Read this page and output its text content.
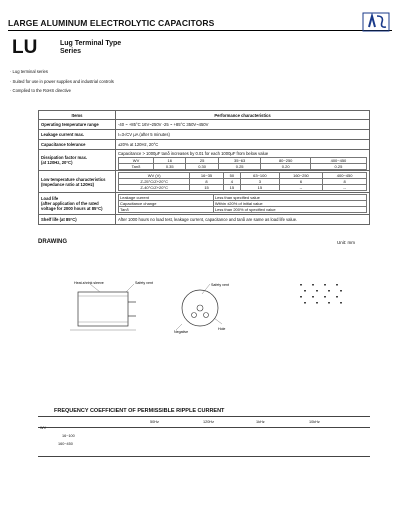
LARGE ALUMINUM ELECTROLYTIC CAPACITORS
LU	Lug Terminal Type
Series
· Lug terminal series
· Suited for use in power supplies and industrial controls
· Complied to the RoHS directive
Items	Performance characteristics
Operating temperature range	-40 ~ +85°C 16V~250V -25 ~ +85°C 350V~450V
Leakage current max.	I=3√CV μA (after 5 minutes)
Capacitance tolerance	±20% at 120Hz, 20°C

Dissipation factor max.
(at 120Hz, 20°C)

Capacitance > 1000μF tanδ increases by 0.01 for each 1000μF from below value
WV	16	25	35~63	80~250	400~450
Tanδ	0.35	0.30	0.25	0.20	0.25

Low temperature characteristics
(Impedance ratio at 120Hz)

WV (V)	16~35	50	63~100	160~250	400~450
Z-25°C/Z+20°C	8	4	3	6	8
Z-40°C/Z+20°C	15	15	15	--	--

Load life
(after application of the rated
voltage for 2000 hours at 85°C)

Leakage current	Less than specified value
Capacitance change	Within ±20% of initial value
Tanδ	Less than 200% of specified value

Shelf life (at 85°C)	After 1000 hours no load test, leakage current, capacitance and tanδ are same as load life value.
DRAWING	Unit: mm
Heat-shrink sleeve	Safety vent	Safety vent
Hole
Negative
FREQUENCY COEFFICIENT OF PERMISSIBLE RIPPLE CURRENT
WV
50Hz	120Hz	1kHz	10kHz
16~100
160~450
